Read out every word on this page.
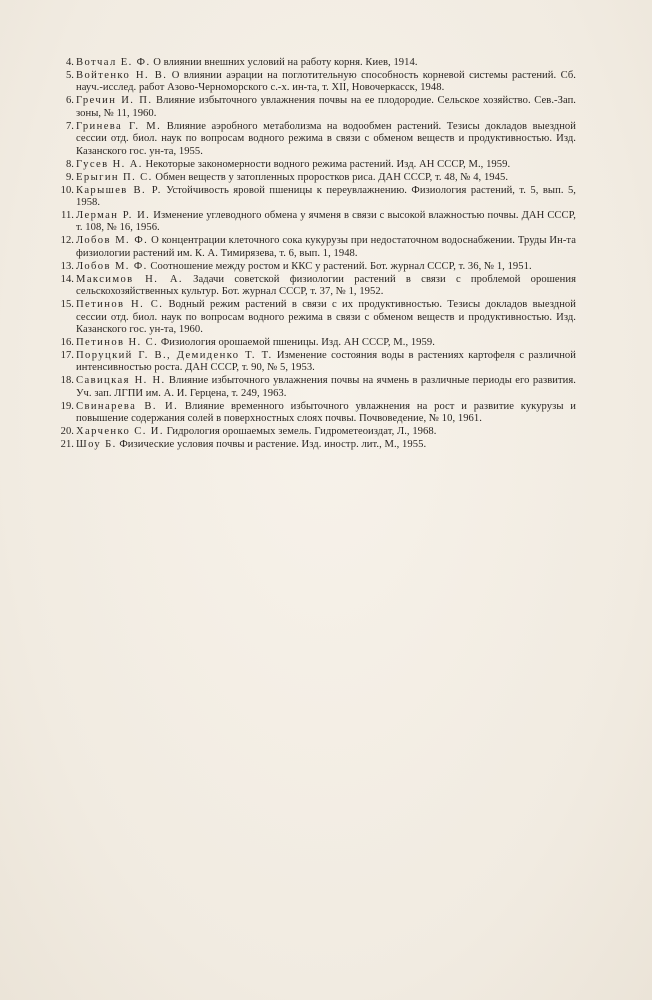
4. Вотчал Е. Ф. О влиянии внешних условий на работу корня. Киев, 1914.
5. Войтенко Н. В. О влиянии аэрации на поглотительную способность корневой системы растений. Сб. науч.-исслед. работ Азово-Черноморского с.-х. ин-та, т. XII, Новочеркасск, 1948.
6. Гречин И. П. Влияние избыточного увлажнения почвы на ее плодородие. Сельское хозяйство. Сев.-Зап. зоны, № 11, 1960.
7. Гринева Г. М. Влияние аэробного метаболизма на водообмен растений. Тезисы докладов выездной сессии отд. биол. наук по вопросам водного режима в связи с обменом веществ и продуктивностью. Изд. Казанского гос. ун-та, 1955.
8. Гусев Н. А. Некоторые закономерности водного режима растений. Изд. АН СССР, М., 1959.
9. Ерыгин П. С. Обмен веществ у затопленных проростков риса. ДАН СССР, т. 48, № 4, 1945.
10. Карышев В. Р. Устойчивость яровой пшеницы к переувлажнению. Физиология растений, т. 5, вып. 5, 1958.
11. Лерман Р. И. Изменение углеводного обмена у ячменя в связи с высокой влажностью почвы. ДАН СССР, т. 108, № 16, 1956.
12. Лобов М. Ф. О концентрации клеточного сока кукурузы при недостаточном водоснабжении. Труды Ин-та физиологии растений им. К. А. Тимирязева, т. 6, вып. 1, 1948.
13. Лобов М. Ф. Соотношение между ростом и ККС у растений. Бот. журнал СССР, т. 36, № 1, 1951.
14. Максимов Н. А. Задачи советской физиологии растений в связи с проблемой орошения сельскохозяйственных культур. Бот. журнал СССР, т. 37, № 1, 1952.
15. Петинов Н. С. Водный режим растений в связи с их продуктивностью. Тезисы докладов выездной сессии отд. биол. наук по вопросам водного режима в связи с обменом веществ и продуктивностью. Изд. Казанского гос. ун-та, 1960.
16. Петинов Н. С. Физиология орошаемой пшеницы. Изд. АН СССР, М., 1959.
17. Поруцкий Г. В., Демиденко Т. Т. Изменение состояния воды в растениях картофеля с различной интенсивностью роста. ДАН СССР, т. 90, № 5, 1953.
18. Савицкая Н. Н. Влияние избыточного увлажнения почвы на ячмень в различные периоды его развития. Уч. зап. ЛГПИ им. А. И. Герцена, т. 249, 1963.
19. Свинарева В. И. Влияние временного избыточного увлажнения на рост и развитие кукурузы и повышение содержания солей в поверхностных слоях почвы. Почвоведение, № 10, 1961.
20. Харченко С. И. Гидрология орошаемых земель. Гидрометеоиздат, Л., 1968.
21. Шоу Б. Физические условия почвы и растение. Изд. иностр. лит., М., 1955.
